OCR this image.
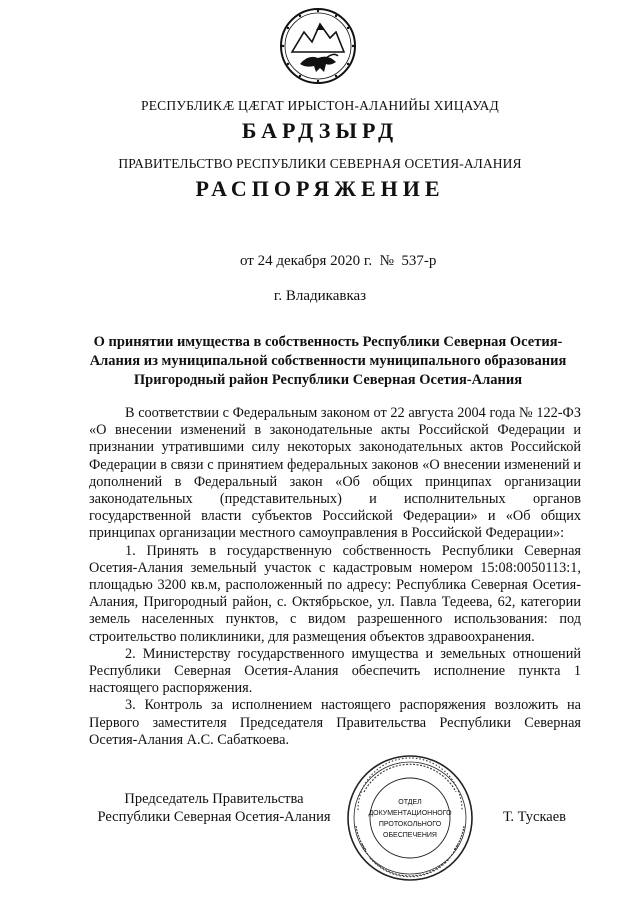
РЕСПУБЛИКÆ ЦÆГАТ ИРЫСТОН-АЛАНИЙЫ ХИЦАУАД
БАРДЗЫРД
ПРАВИТЕЛЬСТВО РЕСПУБЛИКИ СЕВЕРНАЯ ОСЕТИЯ-АЛАНИЯ
РАСПОРЯЖЕНИЕ
от 24 декабря 2020 г.  №  537-р
г. Владикавказ
О принятии имущества в собственность Республики Северная Осетия-
Алания из муниципальной собственности муниципального образования
Пригородный район Республики Северная Осетия-Алания

В соответствии с Федеральным законом от 22 августа 2004 года № 122-ФЗ «О внесении изменений в законодательные акты Российской Федерации и признании утратившими силу некоторых законодательных актов Российской Федерации в связи с принятием федеральных законов «О внесении изменений и дополнений в Федеральный закон «Об общих принципах организации законодательных (представительных) и исполнительных органов государственной власти субъектов Российской Федерации» и «Об общих принципах организации местного самоуправления в Российской Федерации»:

1. Принять в государственную собственность Республики Северная Осетия-Алания земельный участок с кадастровым номером 15:08:0050113:1, площадью 3200 кв.м, расположенный по адресу: Республика Северная Осетия-Алания, Пригородный район, с. Октябрьское, ул. Павла Тедеева, 62, категории земель населенных пунктов, с видом разрешенного использования: под строительство поликлиники, для размещения объектов здравоохранения.

2. Министерству государственного имущества и земельных отношений Республики Северная Осетия-Алания обеспечить исполнение пункта 1 настоящего распоряжения.

3. Контроль за исполнением настоящего распоряжения возложить на Первого заместителя Председателя Правительства Республики Северная Осетия-Алания А.С. Сабаткоева.

Председатель Правительства
Республики Северная Осетия-Алания
ОТДЕЛ
ДОКУМЕНТАЦИОННОГО
ПРОТОКОЛЬНОГО
ОБЕСПЕЧЕНИЯ
Т. Тускаев
